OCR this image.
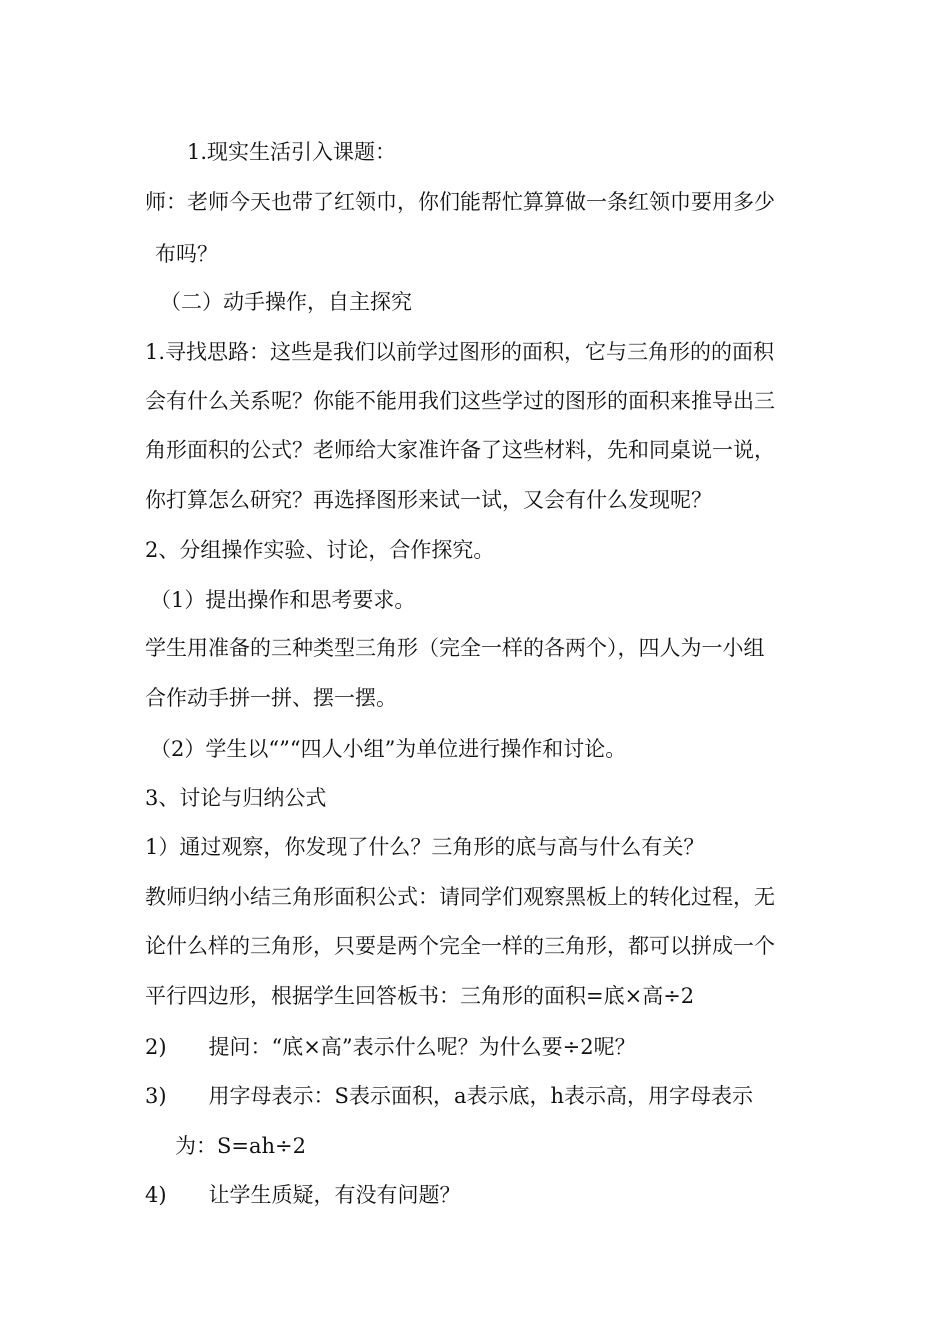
1.现实生活引入课题：
师：老师今天也带了红领巾，你们能帮忙算算做一条红领巾要用多少
布吗？
（二）动手操作，自主探究
1.寻找思路：这些是我们以前学过图形的面积，它与三角形的的面积
会有什么关系呢？你能不能用我们这些学过的图形的面积来推导出三
角形面积的公式？老师给大家准许备了这些材料，先和同桌说一说，
你打算怎么研究？再选择图形来试一试，又会有什么发现呢？
2、分组操作实验、讨论，合作探究。
（1）提出操作和思考要求。
学生用准备的三种类型三角形（完全一样的各两个），四人为一小组
合作动手拼一拼、摆一摆。
（2）学生以“”“四人小组”为单位进行操作和讨论。
3、讨论与归纳公式
1）通过观察，你发现了什么？三角形的底与高与什么有关？
教师归纳小结三角形面积公式：请同学们观察黑板上的转化过程，无
论什么样的三角形，只要是两个完全一样的三角形，都可以拼成一个
平行四边形，根据学生回答板书：三角形的面积=底×高÷2
2)　　提问：“底×高”表示什么呢？为什么要÷2呢？
3)　　用字母表示：S表示面积，a表示底，h表示高，用字母表示
为：S=ah÷2
4)　　让学生质疑，有没有问题？
